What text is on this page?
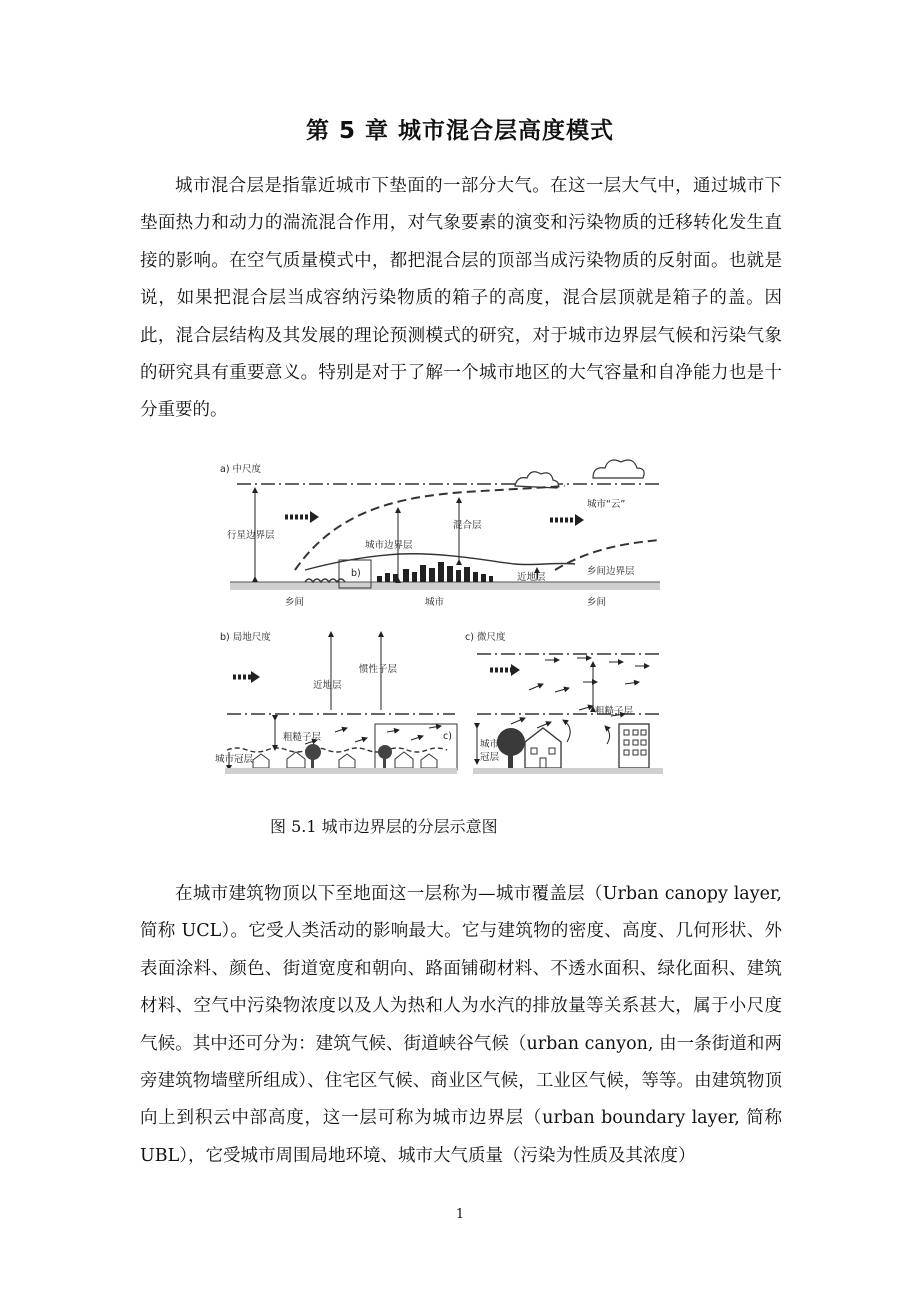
第 5 章 城市混合层高度模式

城市混合层是指靠近城市下垫面的一部分大气。在这一层大气中，通过城市下垫面热力和动力的湍流混合作用，对气象要素的演变和污染物质的迁移转化发生直接的影响。在空气质量模式中，都把混合层的顶部当成污染物质的反射面。也就是说，如果把混合层当成容纳污染物质的箱子的高度，混合层顶就是箱子的盖。因此，混合层结构及其发展的理论预测模式的研究，对于城市边界层气候和污染气象的研究具有重要意义。特别是对于了解一个城市地区的大气容量和自净能力也是十分重要的。

a) 中尺度
b)
行星边界层
城市边界层
混合层
城市“云”
近地层
乡间边界层
乡间	城市	乡间
b) 局地尺度
c)
近地层
惯性子层
粗糙子层
城市冠层
c) 微尺度
粗糙子层
城市
冠层
图 5.1 城市边界层的分层示意图

在城市建筑物顶以下至地面这一层称为—城市覆盖层（Urban canopy layer,简称 UCL）。它受人类活动的影响最大。它与建筑物的密度、高度、几何形状、外表面涂料、颜色、街道宽度和朝向、路面铺砌材料、不透水面积、绿化面积、建筑材料、空气中污染物浓度以及人为热和人为水汽的排放量等关系甚大，属于小尺度气候。其中还可分为：建筑气候、街道峡谷气候（urban canyon, 由一条街道和两旁建筑物墙壁所组成）、住宅区气候、商业区气候，工业区气候，等等。由建筑物顶向上到积云中部高度，这一层可称为城市边界层（urban boundary layer, 简称 UBL），它受城市周围局地环境、城市大气质量（污染为性质及其浓度）

1
